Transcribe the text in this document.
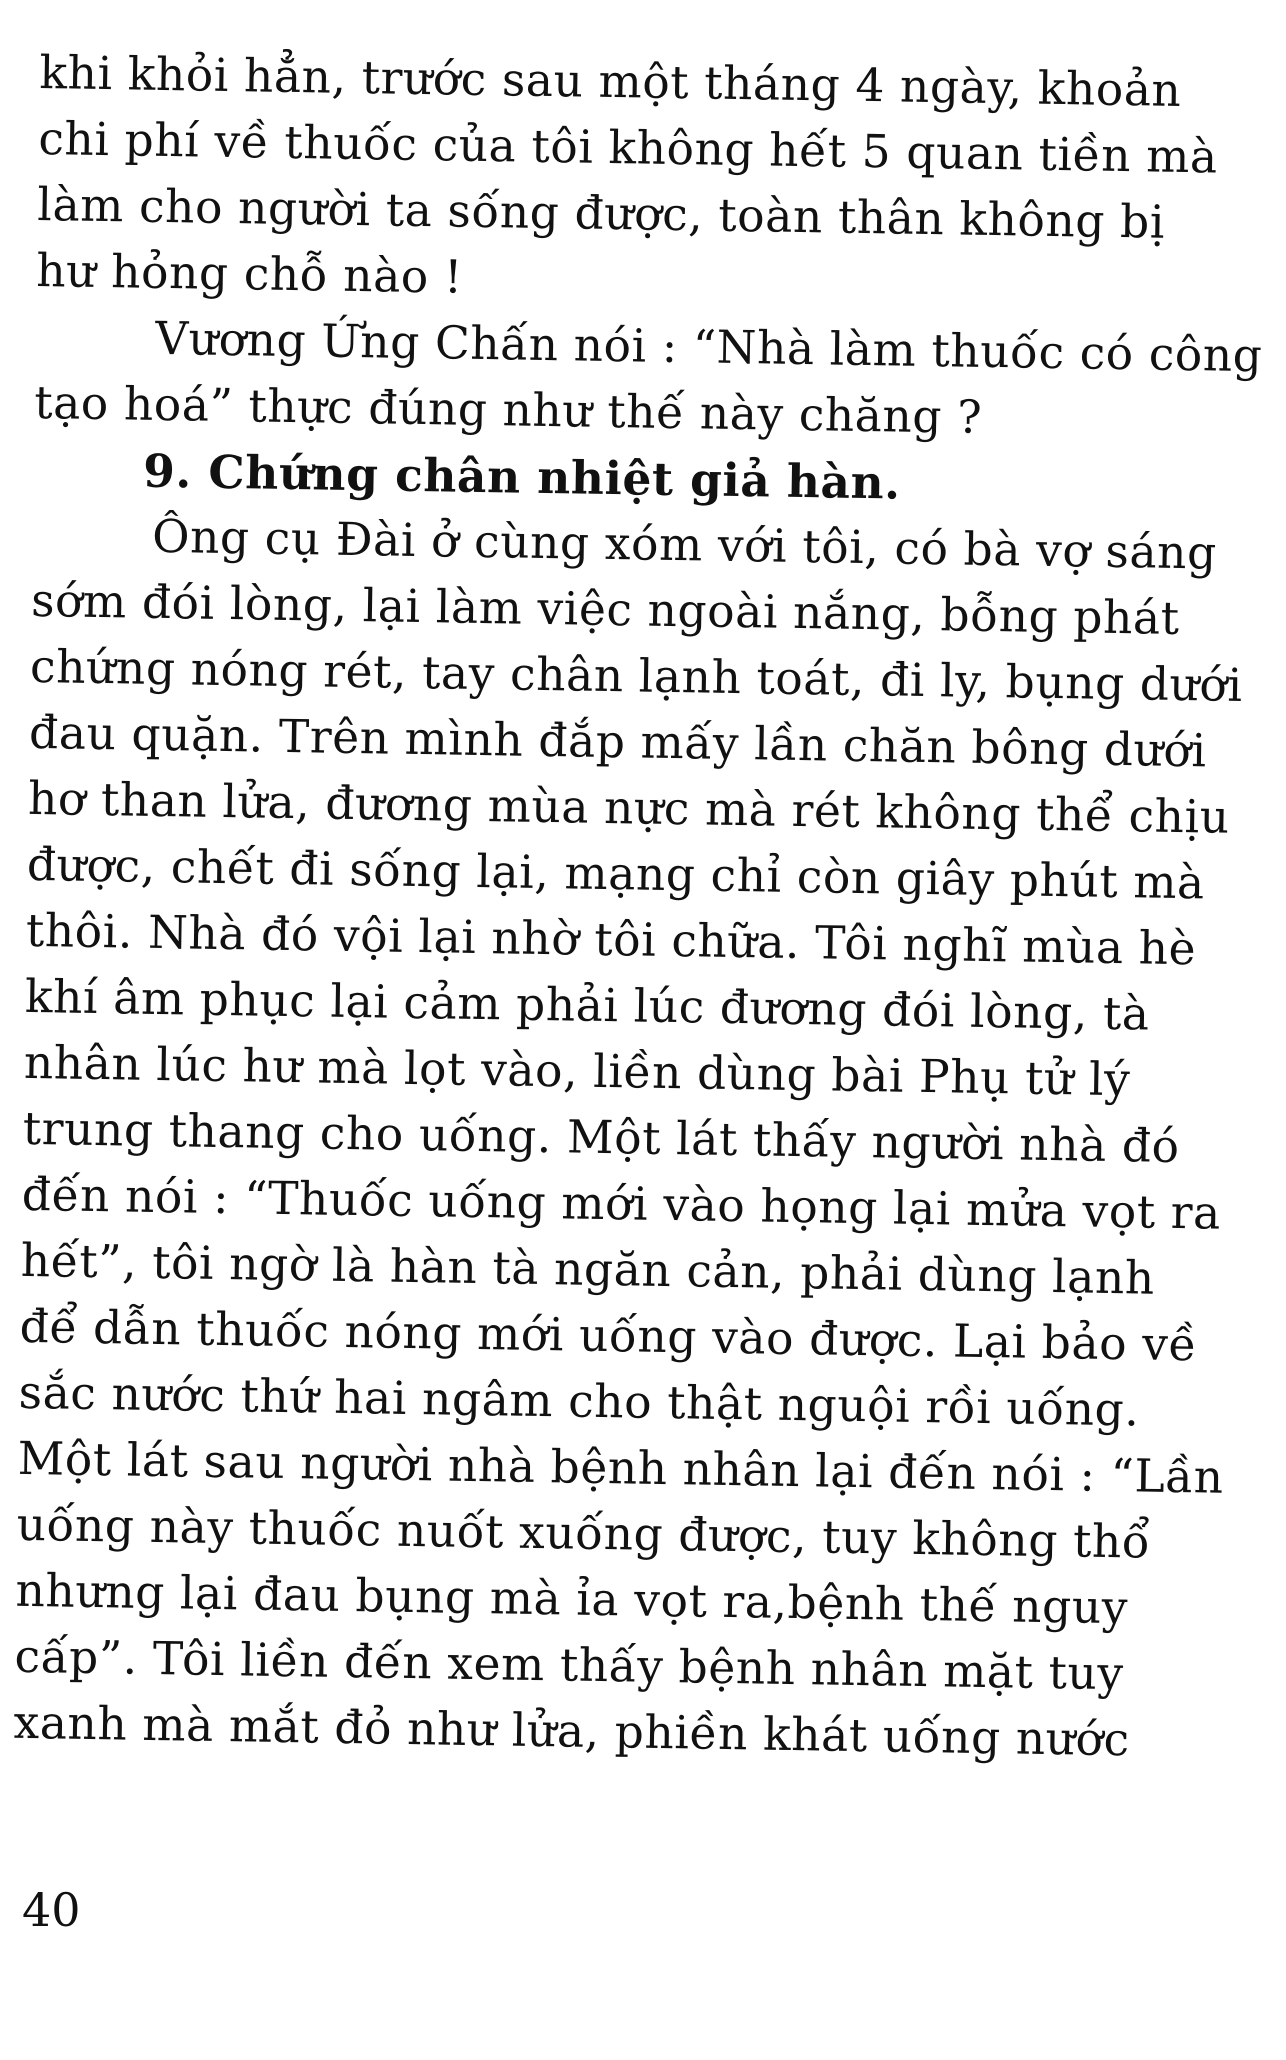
khi khỏi hẳn, trước sau một tháng 4 ngày, khoản
chi phí về thuốc của tôi không hết 5 quan tiền mà
làm cho người ta sống được, toàn thân không bị
hư hỏng chỗ nào !
Vương Ứng Chấn nói : “Nhà làm thuốc có công
tạo hoá” thực đúng như thế này chăng ?
9. Chứng chân nhiệt giả hàn.
Ông cụ Đài ở cùng xóm với tôi, có bà vợ sáng
sớm đói lòng, lại làm việc ngoài nắng, bỗng phát
chứng nóng rét, tay chân lạnh toát, đi ly, bụng dưới
đau quặn. Trên mình đắp mấy lần chăn bông dưới
hơ than lửa, đương mùa nực mà rét không thể chịu
được, chết đi sống lại, mạng chỉ còn giây phút mà
thôi. Nhà đó vội lại nhờ tôi chữa. Tôi nghĩ mùa hè
khí âm phục lại cảm phải lúc đương đói lòng, tà
nhân lúc hư mà lọt vào, liền dùng bài Phụ tử lý
trung thang cho uống. Một lát thấy người nhà đó
đến nói : “Thuốc uống mới vào họng lại mửa vọt ra
hết”, tôi ngờ là hàn tà ngăn cản, phải dùng lạnh
để dẫn thuốc nóng mới uống vào được. Lại bảo về
sắc nước thứ hai ngâm cho thật nguội rồi uống.
Một lát sau người nhà bệnh nhân lại đến nói : “Lần
uống này thuốc nuốt xuống được, tuy không thổ
nhưng lại đau bụng mà ỉa vọt ra,bệnh thế nguy
cấp”. Tôi liền đến xem thấy bệnh nhân mặt tuy
xanh mà mắt đỏ như lửa, phiền khát uống nước
40
